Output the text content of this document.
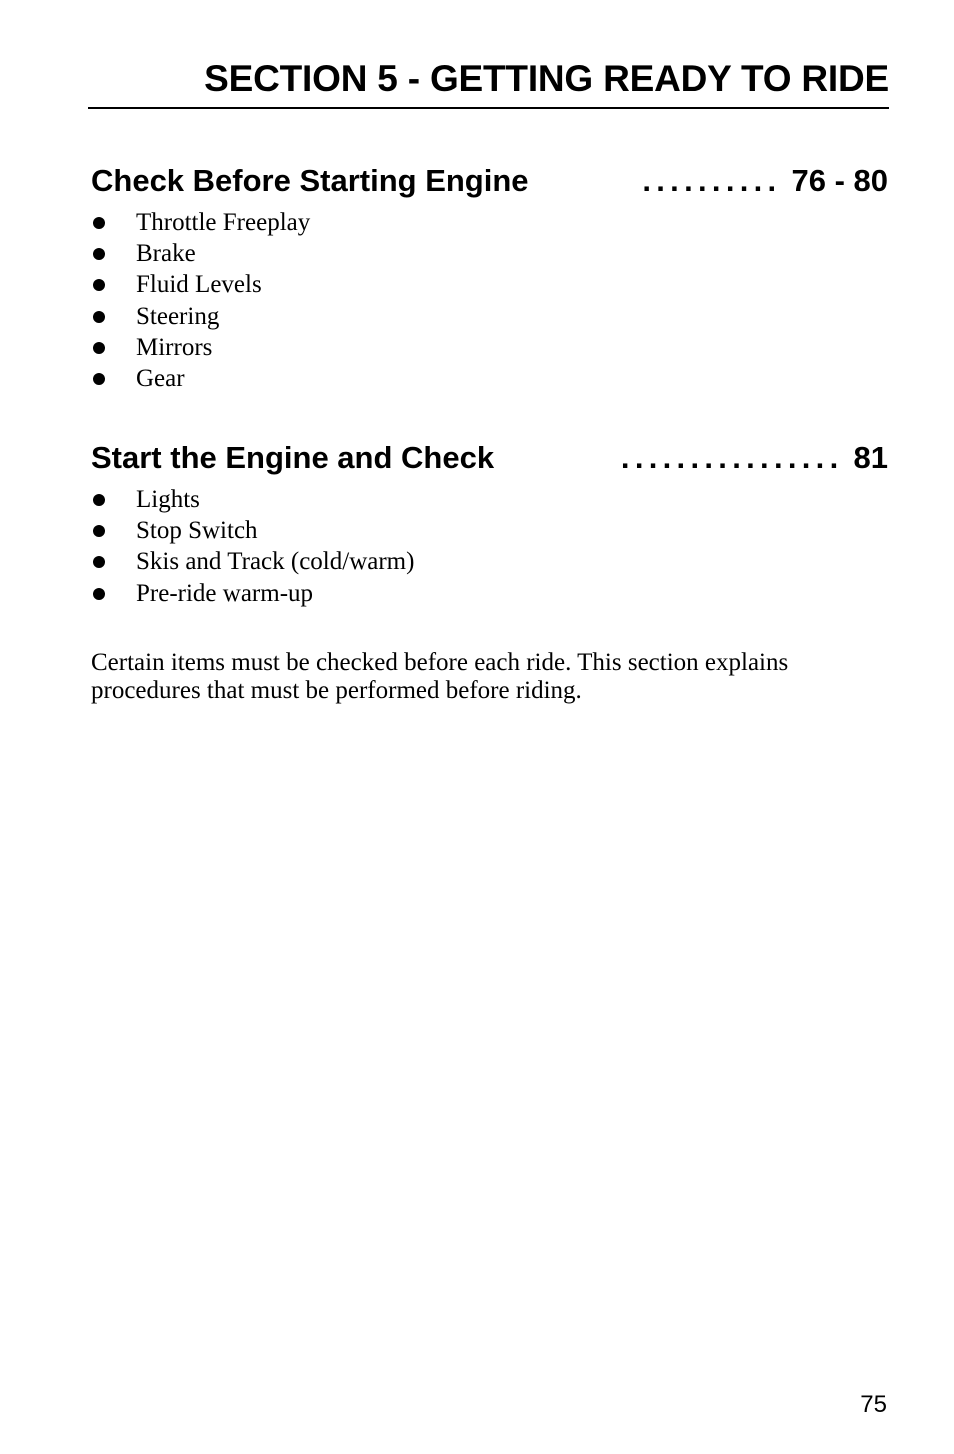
SECTION 5 - GETTING READY TO RIDE
Check Before Starting Engine	.......... 76 - 80
Throttle Freeplay
Brake
Fluid Levels
Steering
Mirrors
Gear
Start the Engine and Check	................ 81
Lights
Stop Switch
Skis and Track (cold/warm)
Pre-ride warm-up

Certain items must be checked before each ride. This section explains
procedures that must be performed before riding.

75
